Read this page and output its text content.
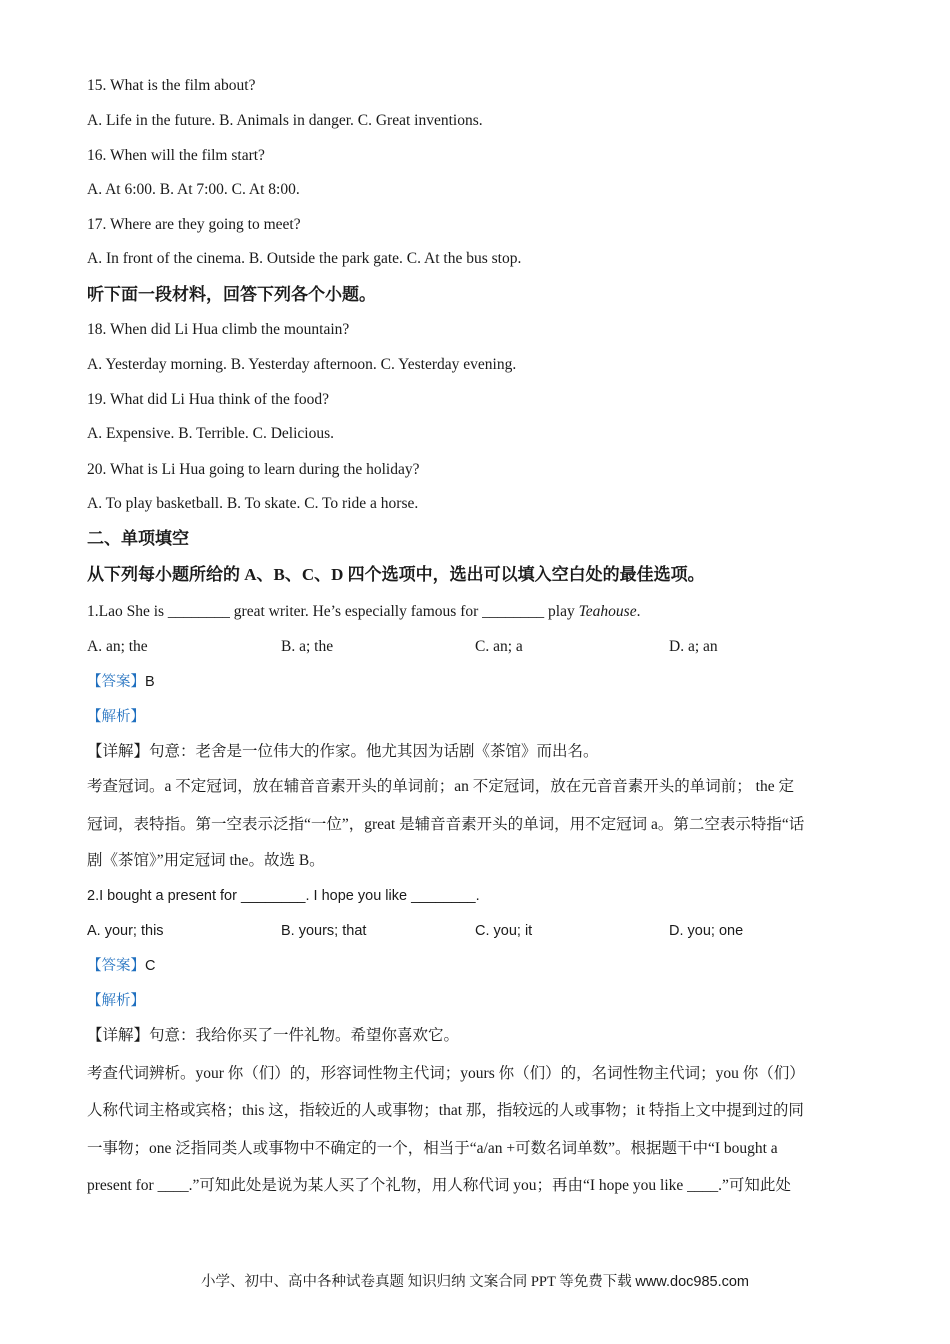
15. What is the film about?
A. Life in the future. B. Animals in danger. C. Great inventions.
16. When will the film start?
A. At 6:00. B. At 7:00. C. At 8:00.
17. Where are they going to meet?
A. In front of the cinema. B. Outside the park gate. C. At the bus stop.
听下面一段材料，回答下列各个小题。
18. When did Li Hua climb the mountain?
A. Yesterday morning. B. Yesterday afternoon. C. Yesterday evening.
19. What did Li Hua think of the food?
A. Expensive. B. Terrible. C. Delicious.
20. What is Li Hua going to learn during the holiday?
A. To play basketball. B. To skate. C. To ride a horse.
二、单项填空
从下列每小题所给的 A、B、C、D 四个选项中，选出可以填入空白处的最佳选项。
1.Lao She is ________ great writer. He’s especially famous for ________ play Teahouse.
A. an; the	B. a; the	C. an; a	D. a; an
【答案】B
【解析】
【详解】句意：老舍是一位伟大的作家。他尤其因为话剧《茶馆》而出名。
考查冠词。a 不定冠词，放在辅音音素开头的单词前；an 不定冠词，放在元音音素开头的单词前； the 定
冠词，表特指。第一空表示泛指“一位”，great 是辅音音素开头的单词，用不定冠词 a。第二空表示特指“话
剧《茶馆》”用定冠词 the。故选 B。
2.I bought a present for ________. I hope you like ________.
A. your; this	B. yours; that	C. you; it	D. you; one
【答案】C
【解析】
【详解】句意：我给你买了一件礼物。希望你喜欢它。
考查代词辨析。your 你（们）的，形容词性物主代词；yours 你（们）的，名词性物主代词；you 你（们）
人称代词主格或宾格；this 这，指较近的人或事物；that 那，指较远的人或事物；it 特指上文中提到过的同
一事物；one 泛指同类人或事物中不确定的一个，相当于“a/an +可数名词单数”。根据题干中“I bought a
present for ____.”可知此处是说为某人买了个礼物，用人称代词 you；再由“I hope you like ____.”可知此处
小学、初中、高中各种试卷真题 知识归纳 文案合同 PPT 等免费下载 www.doc985.com
